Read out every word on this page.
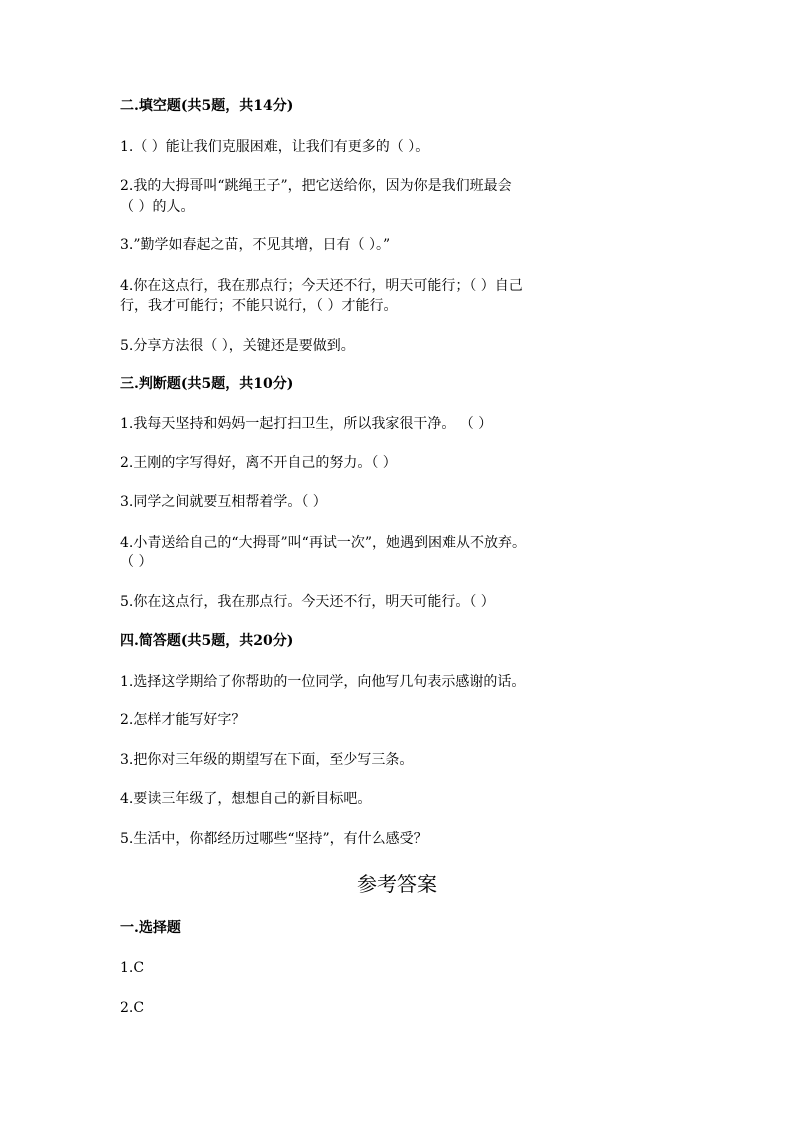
二.填空题(共5题，共14分)
1.（ ）能让我们克服困难，让我们有更多的（ ）。
2.我的大拇哥叫“跳绳王子”，把它送给你，因为你是我们班最会
（ ）的人。
3.”勤学如春起之苗，不见其增，日有（ ）。”
4.你在这点行，我在那点行；今天还不行，明天可能行；（ ）自己
行，我才可能行；不能只说行，（ ）才能行。
5.分享方法很（ ），关键还是要做到。
三.判断题(共5题，共10分)
1.我每天坚持和妈妈一起打扫卫生，所以我家很干净。 （ ）
2.王刚的字写得好，离不开自己的努力。（ ）
3.同学之间就要互相帮着学。（ ）
4.小青送给自己的“大拇哥”叫“再试一次”，她遇到困难从不放弃。
（ ）
5.你在这点行，我在那点行。今天还不行，明天可能行。（ ）
四.简答题(共5题，共20分)
1.选择这学期给了你帮助的一位同学，向他写几句表示感谢的话。
2.怎样才能写好字？
3.把你对三年级的期望写在下面，至少写三条。
4.要读三年级了，想想自己的新目标吧。
5.生活中，你都经历过哪些“坚持”，有什么感受？
参考答案
一.选择题
1.C
2.C
